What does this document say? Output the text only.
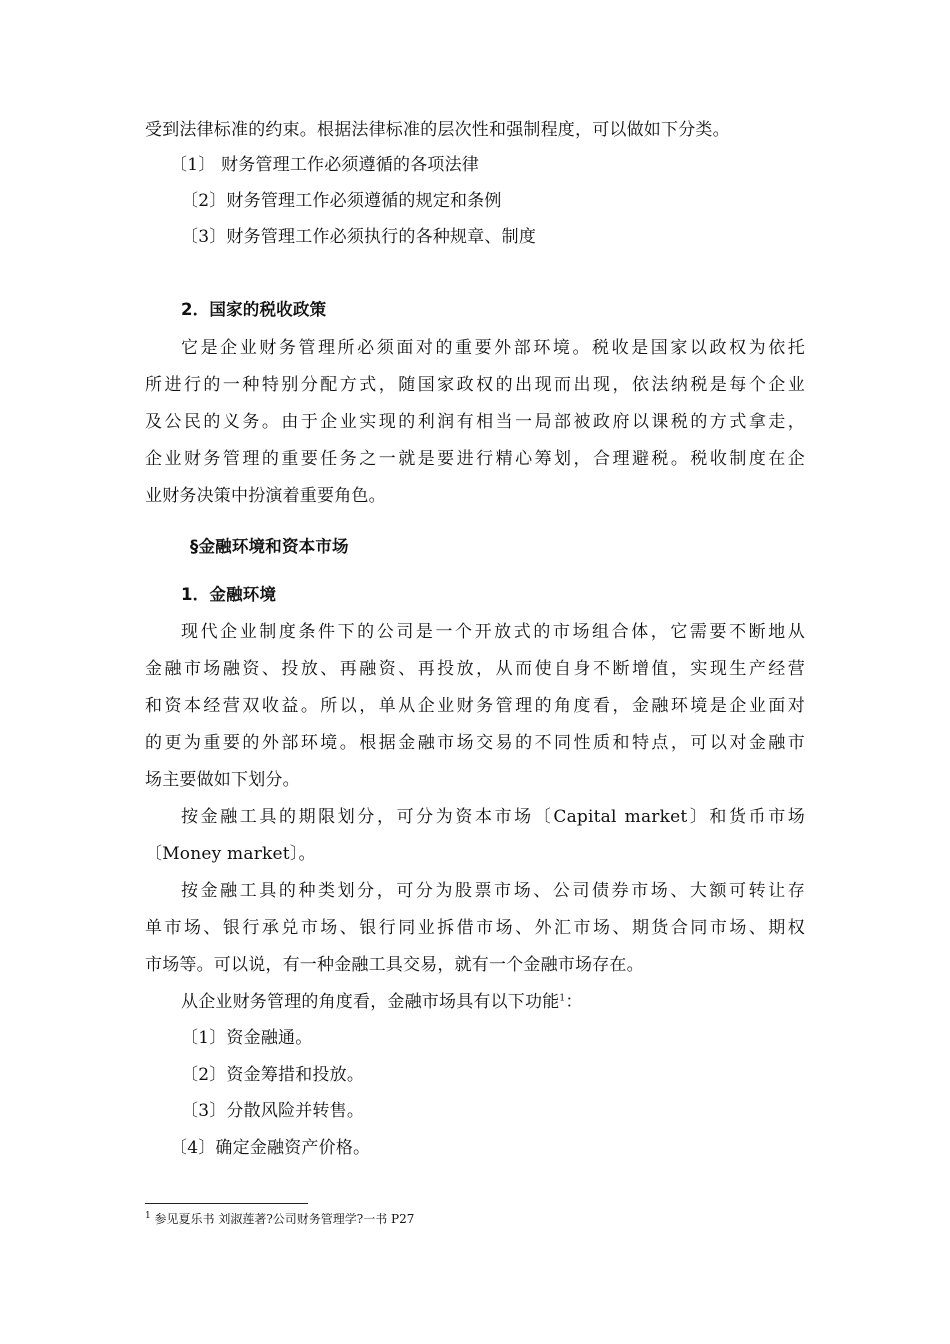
受到法律标准的约束。根据法律标准的层次性和强制程度，可以做如下分类。
〔1〕 财务管理工作必须遵循的各项法律
〔2〕财务管理工作必须遵循的规定和条例
〔3〕财务管理工作必须执行的各种规章、制度
2．国家的税收政策
它是企业财务管理所必须面对的重要外部环境。税收是国家以政权为依托
所进行的一种特别分配方式，随国家政权的出现而出现，依法纳税是每个企业
及公民的义务。由于企业实现的利润有相当一局部被政府以课税的方式拿走，
企业财务管理的重要任务之一就是要进行精心筹划，合理避税。税收制度在企
业财务决策中扮演着重要角色。
§金融环境和资本市场
1．金融环境
现代企业制度条件下的公司是一个开放式的市场组合体，它需要不断地从
金融市场融资、投放、再融资、再投放，从而使自身不断增值，实现生产经营
和资本经营双收益。所以，单从企业财务管理的角度看，金融环境是企业面对
的更为重要的外部环境。根据金融市场交易的不同性质和特点，可以对金融市
场主要做如下划分。
按金融工具的期限划分，可分为资本市场〔Capital market〕和货币市场
〔Money market〕。
按金融工具的种类划分，可分为股票市场、公司债券市场、大额可转让存
单市场、银行承兑市场、银行同业拆借市场、外汇市场、期货合同市场、期权
市场等。可以说，有一种金融工具交易，就有一个金融市场存在。
从企业财务管理的角度看，金融市场具有以下功能$^1$：
〔1〕资金融通。
〔2〕资金筹措和投放。
〔3〕分散风险并转售。
〔4〕确定金融资产价格。
$^1$ 参见夏乐书 刘淑莲著?公司财务管理学?一书 P27
